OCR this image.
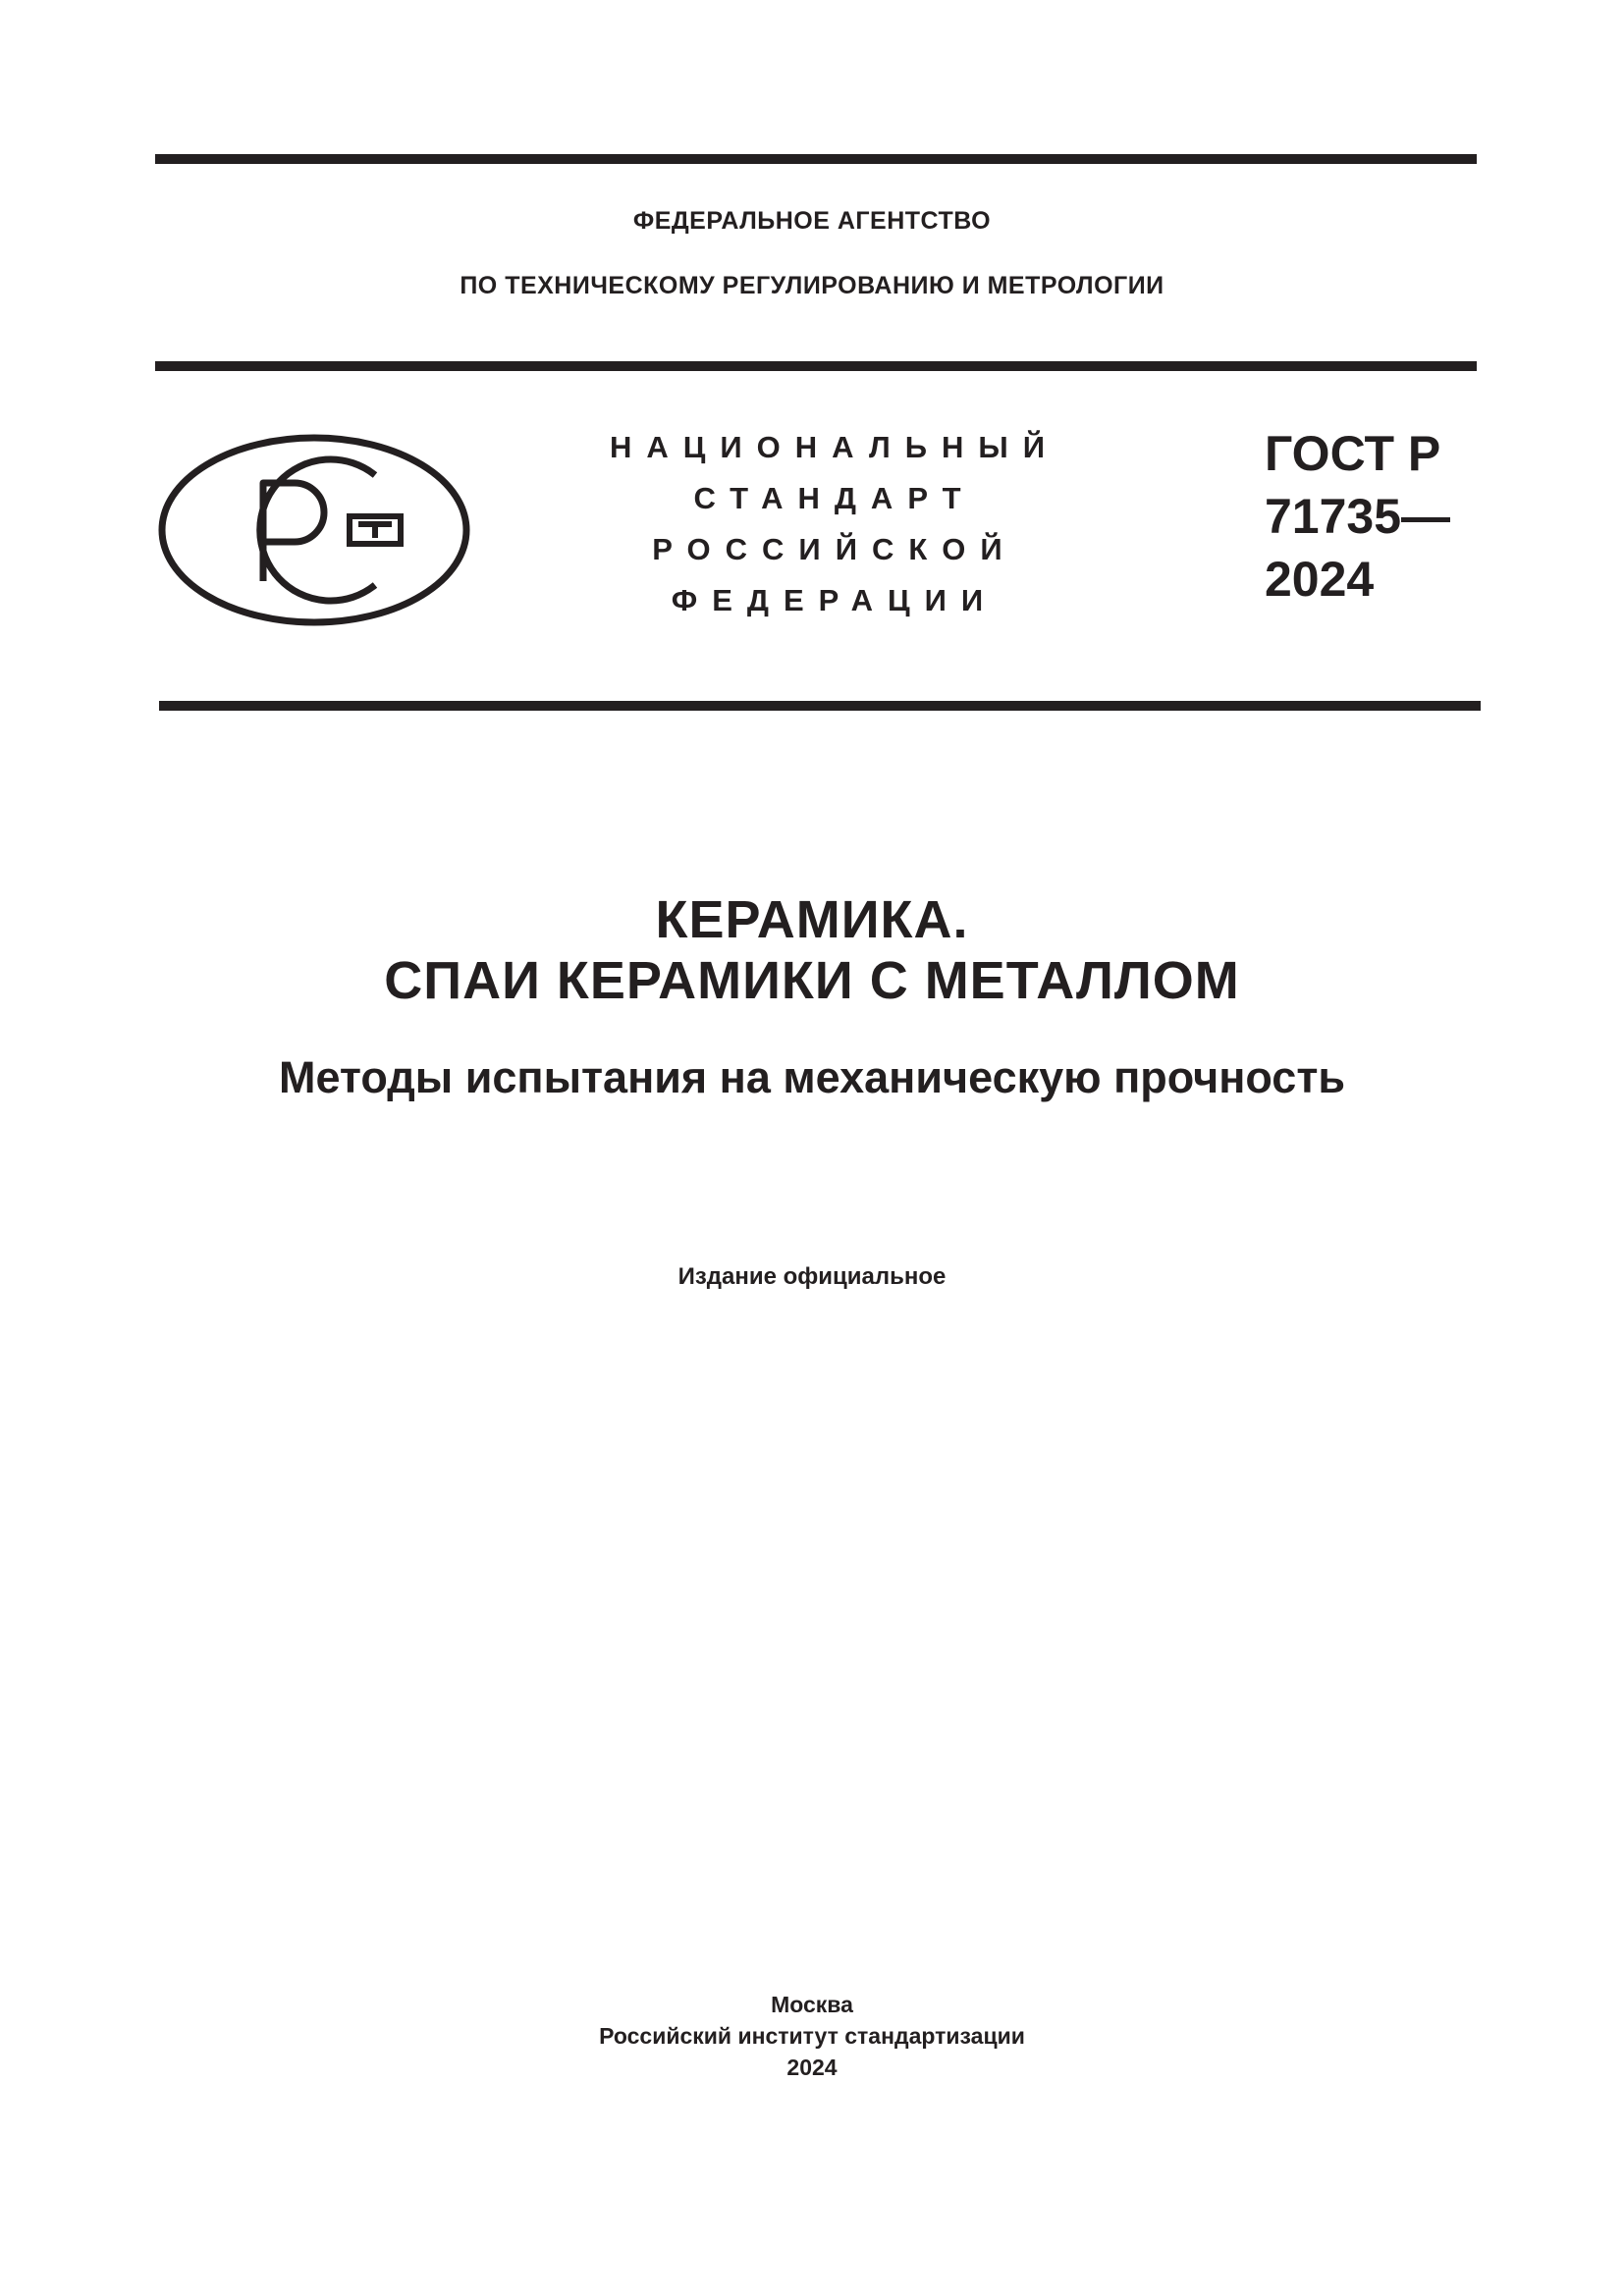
ФЕДЕРАЛЬНОЕ АГЕНТСТВО
ПО ТЕХНИЧЕСКОМУ РЕГУЛИРОВАНИЮ И МЕТРОЛОГИИ
НАЦИОНАЛЬНЫЙ
СТАНДАРТ
РОССИЙСКОЙ
ФЕДЕРАЦИИ
ГОСТ Р
71735—
2024
КЕРАМИКА.
СПАИ КЕРАМИКИ С МЕТАЛЛОМ
Методы испытания на механическую прочность
Издание официальное
Москва
Российский институт стандартизации
2024
